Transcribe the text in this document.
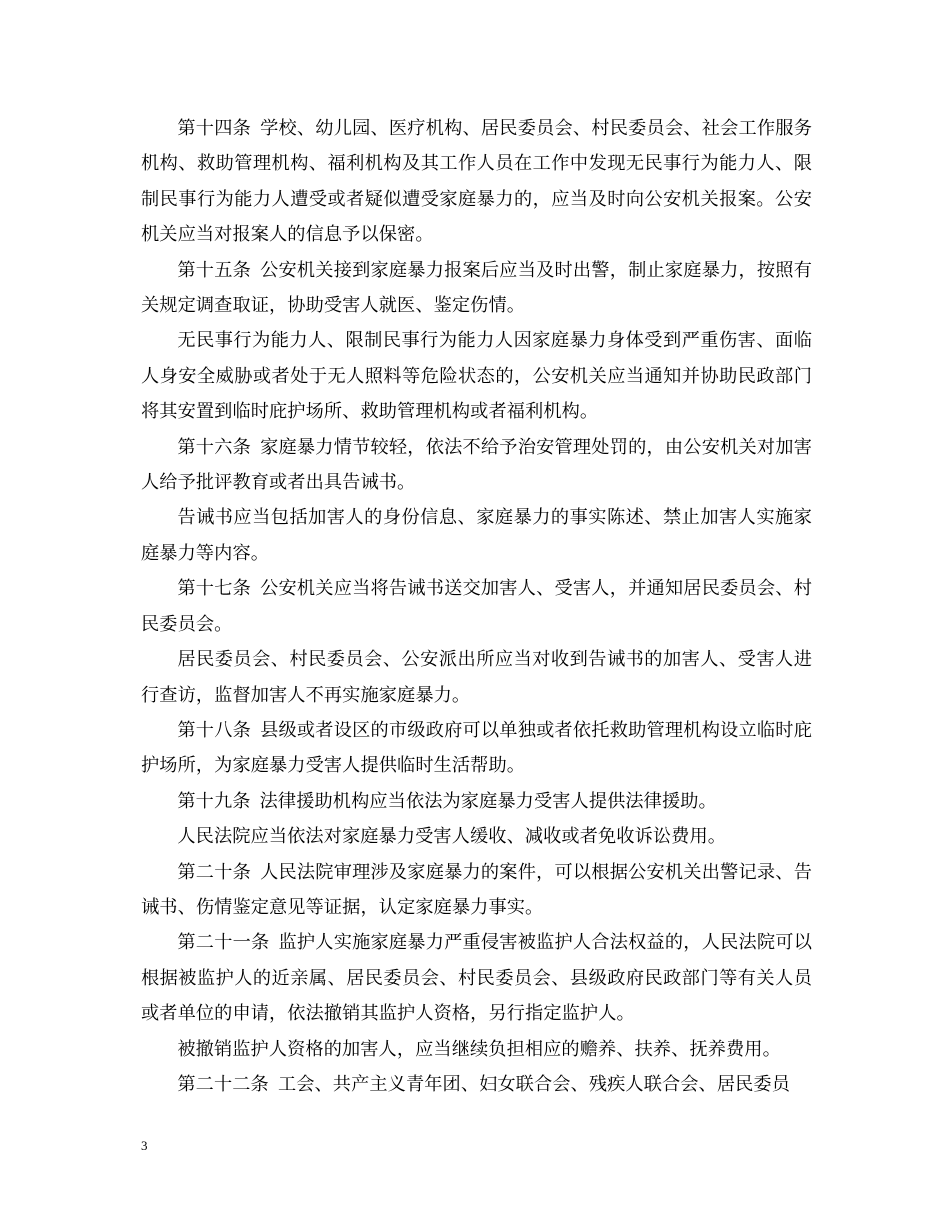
第十四条 学校、幼儿园、医疗机构、居民委员会、村民委员会、社会工作服务机构、救助管理机构、福利机构及其工作人员在工作中发现无民事行为能力人、限制民事行为能力人遭受或者疑似遭受家庭暴力的，应当及时向公安机关报案。公安机关应当对报案人的信息予以保密。

第十五条 公安机关接到家庭暴力报案后应当及时出警，制止家庭暴力，按照有关规定调查取证，协助受害人就医、鉴定伤情。

无民事行为能力人、限制民事行为能力人因家庭暴力身体受到严重伤害、面临人身安全威胁或者处于无人照料等危险状态的，公安机关应当通知并协助民政部门将其安置到临时庇护场所、救助管理机构或者福利机构。

第十六条 家庭暴力情节较轻，依法不给予治安管理处罚的，由公安机关对加害人给予批评教育或者出具告诫书。

告诫书应当包括加害人的身份信息、家庭暴力的事实陈述、禁止加害人实施家庭暴力等内容。

第十七条 公安机关应当将告诫书送交加害人、受害人，并通知居民委员会、村民委员会。

居民委员会、村民委员会、公安派出所应当对收到告诫书的加害人、受害人进行查访，监督加害人不再实施家庭暴力。

第十八条 县级或者设区的市级政府可以单独或者依托救助管理机构设立临时庇护场所，为家庭暴力受害人提供临时生活帮助。

第十九条 法律援助机构应当依法为家庭暴力受害人提供法律援助。

人民法院应当依法对家庭暴力受害人缓收、减收或者免收诉讼费用。

第二十条 人民法院审理涉及家庭暴力的案件，可以根据公安机关出警记录、告诫书、伤情鉴定意见等证据，认定家庭暴力事实。

第二十一条 监护人实施家庭暴力严重侵害被监护人合法权益的，人民法院可以根据被监护人的近亲属、居民委员会、村民委员会、县级政府民政部门等有关人员或者单位的申请，依法撤销其监护人资格，另行指定监护人。

被撤销监护人资格的加害人，应当继续负担相应的赡养、扶养、抚养费用。

第二十二条 工会、共产主义青年团、妇女联合会、残疾人联合会、居民委员

3
